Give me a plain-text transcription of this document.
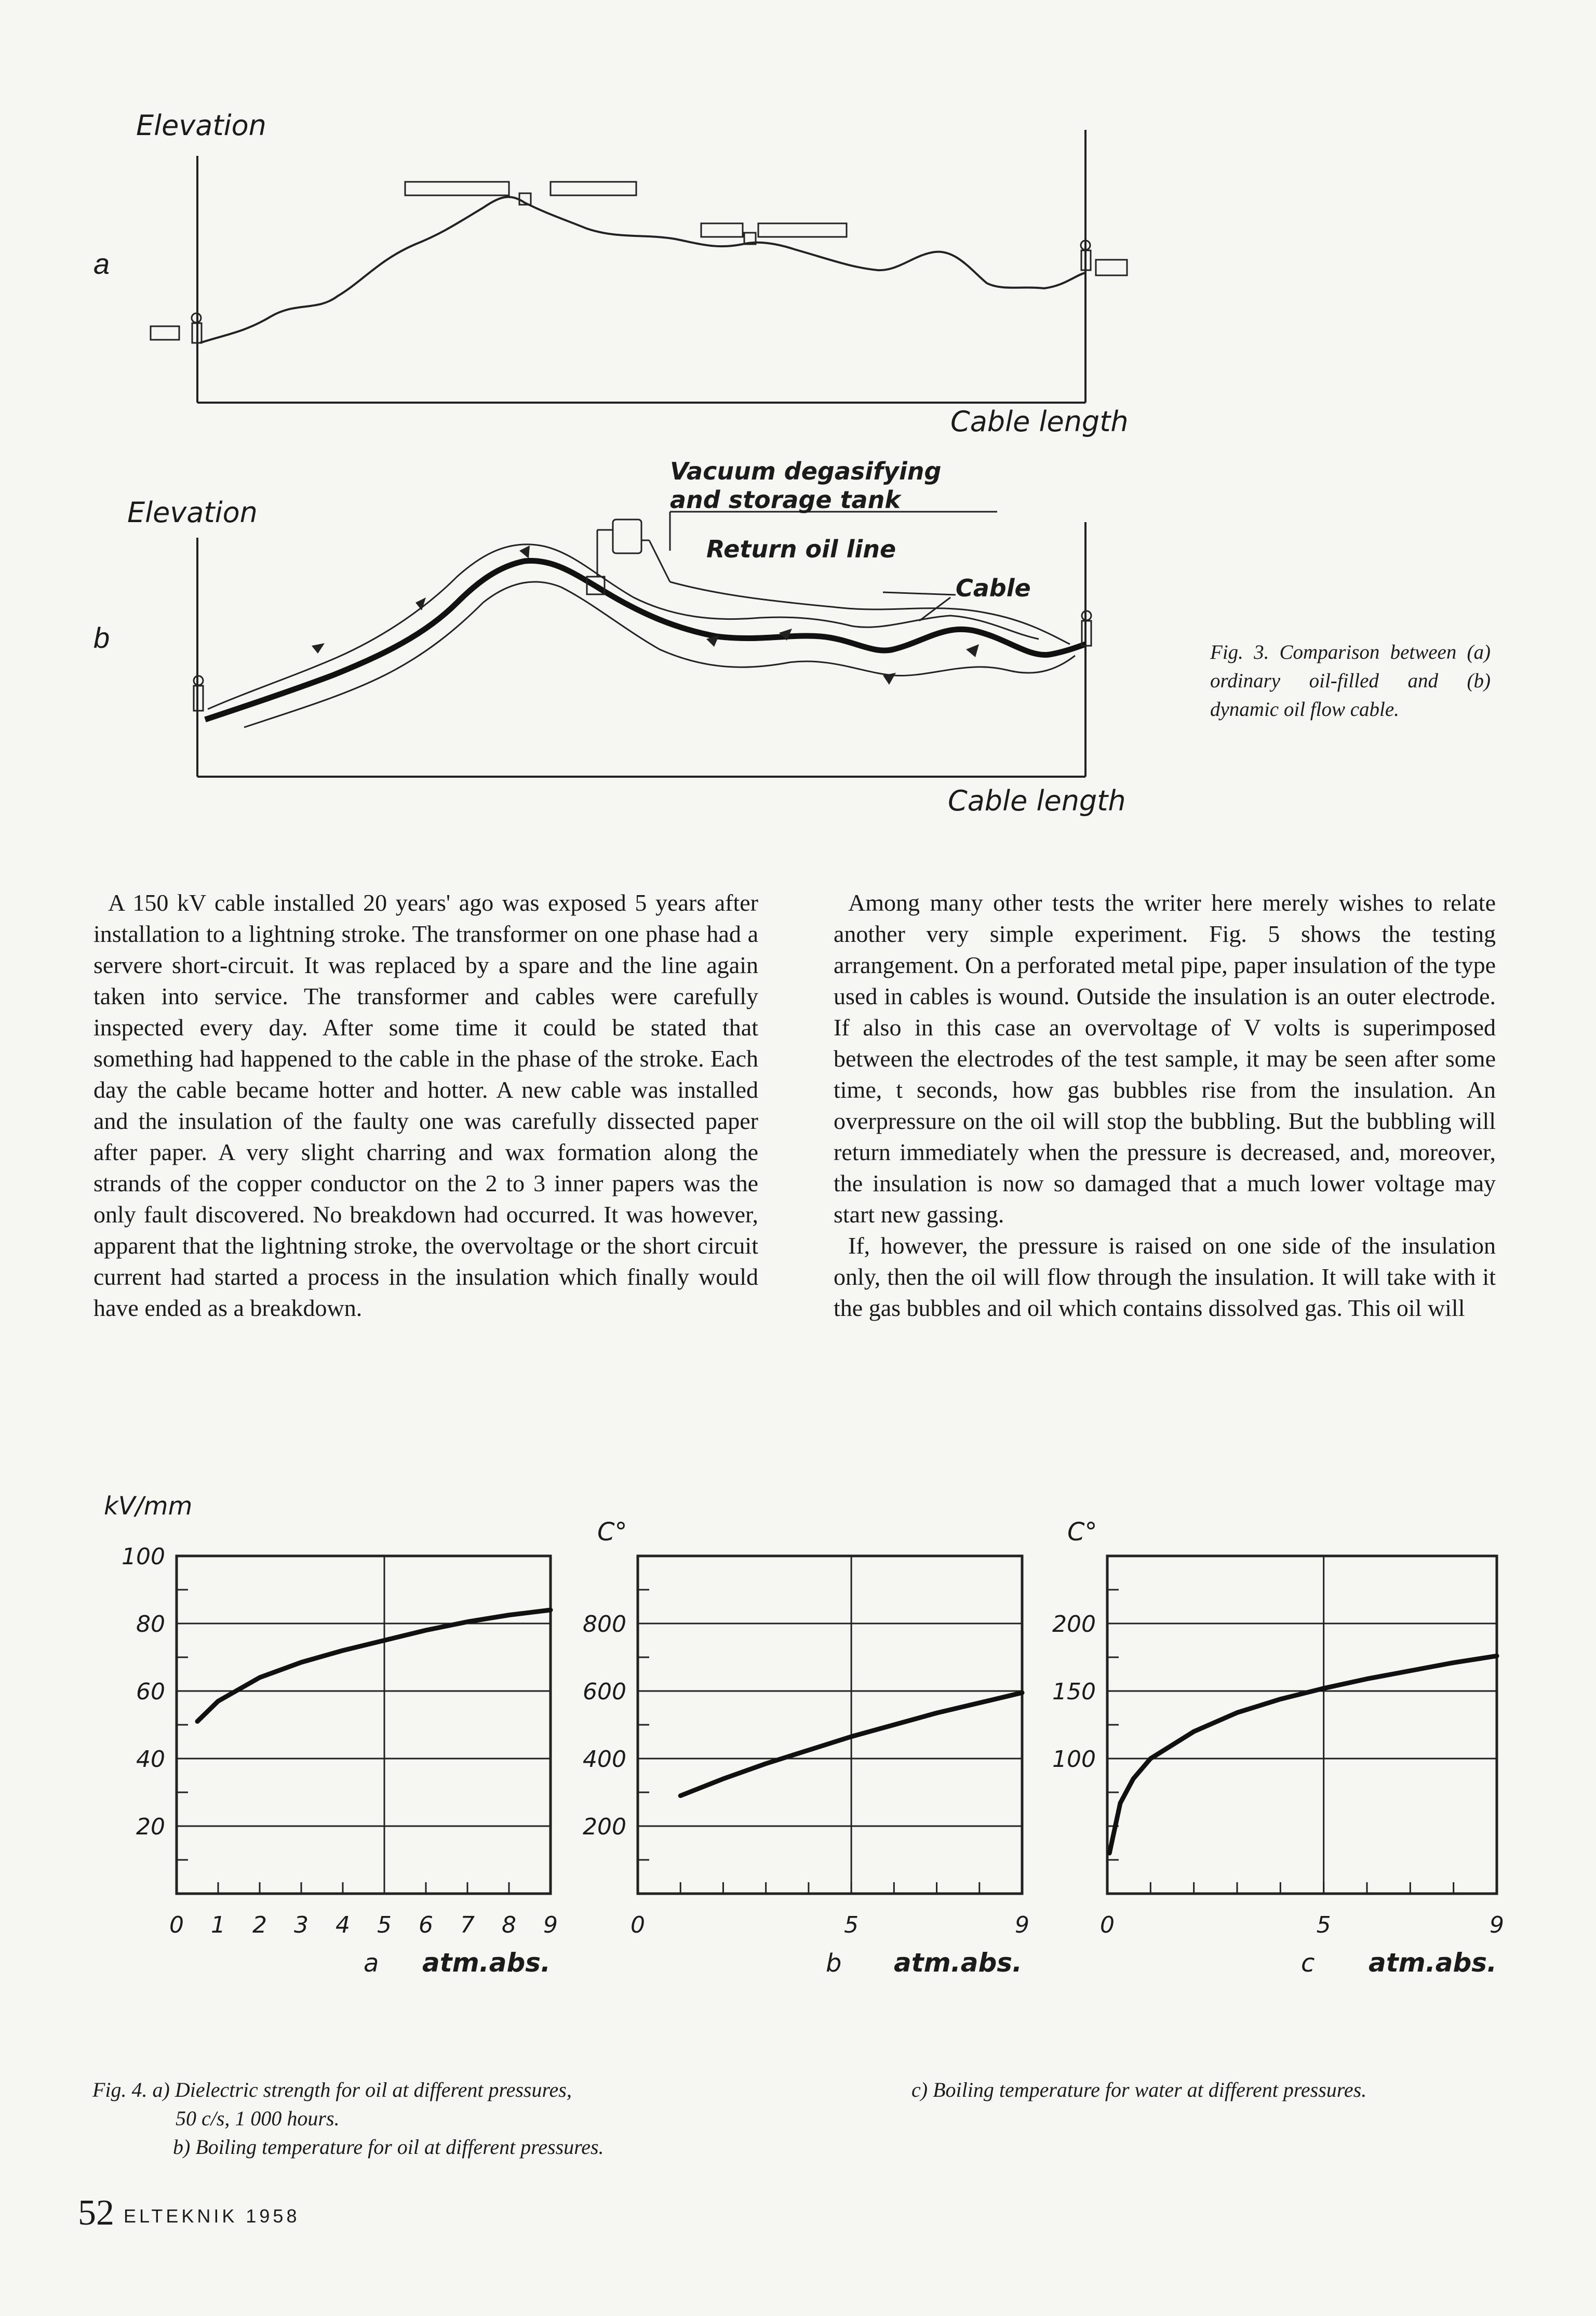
a
Elevation
Cable length
b
Elevation
Cable length
Vacuum degasifying
and storage tank
Return oil line
Cable
Fig. 3. Comparison between (a) ordinary oil-filled and (b) dynamic oil flow cable.

A 150 kV cable installed 20 years' ago was exposed 5 years after installation to a lightning stroke. The transformer on one phase had a servere short-circuit. It was replaced by a spare and the line again taken into service. The transformer and cables were carefully inspected every day. After some time it could be stated that something had happened to the cable in the phase of the stroke. Each day the cable became hotter and hotter. A new cable was installed and the insulation of the faulty one was carefully dissected paper after paper. A very slight charring and wax formation along the strands of the copper conductor on the 2 to 3 inner papers was the only fault discovered. No breakdown had occurred. It was however, apparent that the lightning stroke, the overvoltage or the short circuit current had started a process in the insulation which finally would have ended as a breakdown.

Among many other tests the writer here merely wishes to relate another very simple experiment. Fig. 5 shows the testing arrangement. On a perforated metal pipe, paper insulation of the type used in cables is wound. Outside the insulation is an outer electrode. If also in this case an overvoltage of V volts is superimposed between the electrodes of the test sample, it may be seen after some time, t seconds, how gas bubbles rise from the insulation. An overpressure on the oil will stop the bubbling. But the bubbling will return immediately when the pressure is decreased, and, moreover, the insulation is now so damaged that a much lower voltage may start new gassing.

If, however, the pressure is raised on one side of the insulation only, then the oil will flow through the insulation. It will take with it the gas bubbles and oil which contains dissolved gas. This oil will

20
40
60
80
100
0 1 2 3 4 5 6 7 8 9
kV/mm
a atm.abs.
200
400
600
800
0	5	9
C°
b atm.abs.
100
150
200
0	5	9
C°
c atm.abs.
Fig. 4. a) Dielectric strength for oil at different pressures,
50 c/s, 1 000 hours.
b) Boiling temperature for oil at different pressures.
c) Boiling temperature for water at different pressures.
52 ELTEKNIK 1958
